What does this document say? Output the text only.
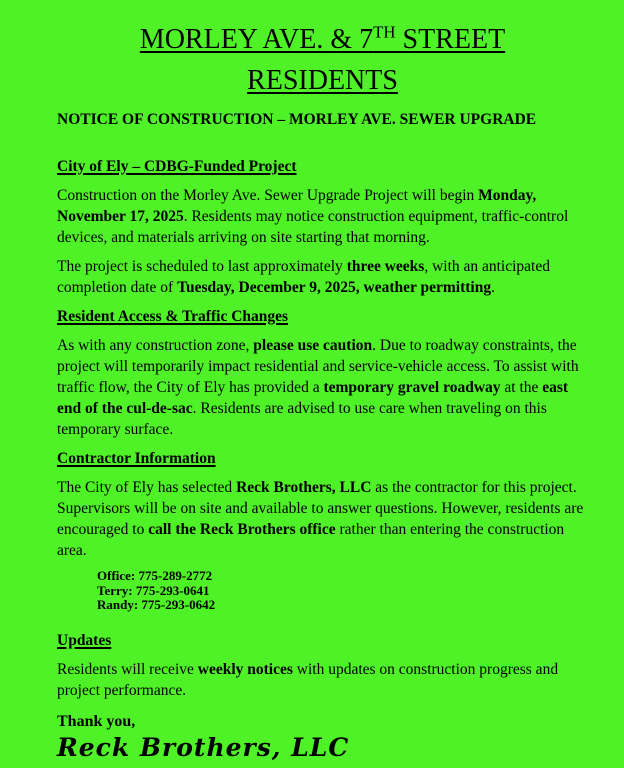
MORLEY AVE. & 7TH STREET
RESIDENTS

NOTICE OF CONSTRUCTION – MORLEY AVE. SEWER UPGRADE

City of Ely – CDBG-Funded Project

Construction on the Morley Ave. Sewer Upgrade Project will begin Monday, November 17, 2025. Residents may notice construction equipment, traffic-control devices, and materials arriving on site starting that morning.

The project is scheduled to last approximately three weeks, with an anticipated completion date of Tuesday, December 9, 2025, weather permitting.

Resident Access & Traffic Changes

As with any construction zone, please use caution. Due to roadway constraints, the project will temporarily impact residential and service-vehicle access. To assist with traffic flow, the City of Ely has provided a temporary gravel roadway at the east end of the cul-de-sac. Residents are advised to use care when traveling on this temporary surface.

Contractor Information

The City of Ely has selected Reck Brothers, LLC as the contractor for this project. Supervisors will be on site and available to answer questions. However, residents are encouraged to call the Reck Brothers office rather than entering the construction area.

Office: 775-289-2772
Terry: 775-293-0641
Randy: 775-293-0642
Updates

Residents will receive weekly notices with updates on construction progress and project performance.

Thank you,

Reck Brothers, LLC
